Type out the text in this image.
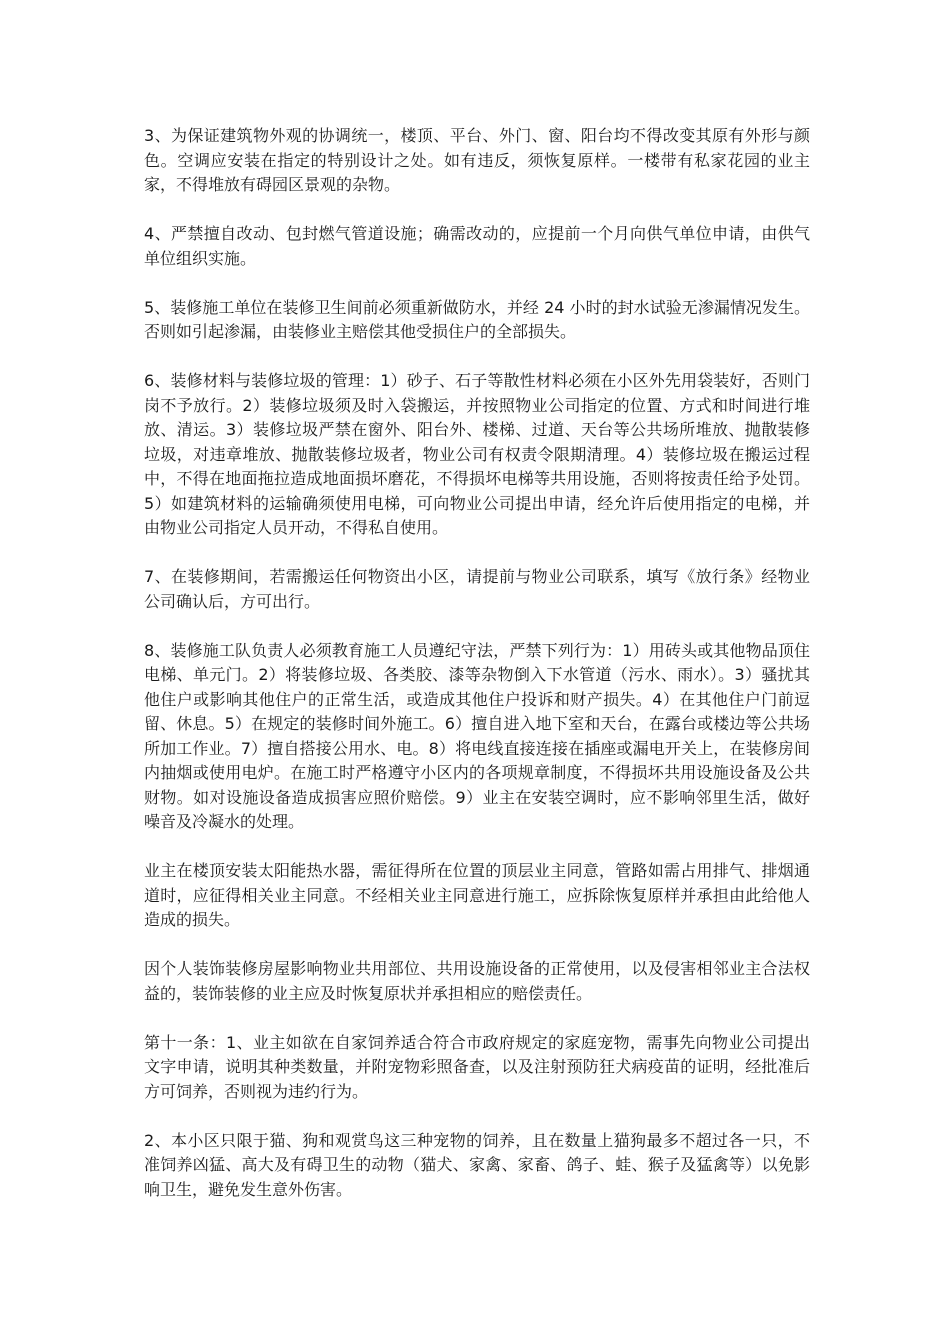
3、为保证建筑物外观的协调统一，楼顶、平台、外门、窗、阳台均不得改变其原有外形与颜色。空调应安装在指定的特别设计之处。如有违反，须恢复原样。一楼带有私家花园的业主家，不得堆放有碍园区景观的杂物。

4、严禁擅自改动、包封燃气管道设施；确需改动的，应提前一个月向供气单位申请，由供气单位组织实施。

5、装修施工单位在装修卫生间前必须重新做防水，并经 24 小时的封水试验无渗漏情况发生。否则如引起渗漏，由装修业主赔偿其他受损住户的全部损失。

6、装修材料与装修垃圾的管理：1）砂子、石子等散性材料必须在小区外先用袋装好，否则门岗不予放行。2）装修垃圾须及时入袋搬运，并按照物业公司指定的位置、方式和时间进行堆放、清运。3）装修垃圾严禁在窗外、阳台外、楼梯、过道、天台等公共场所堆放、抛散装修垃圾，对违章堆放、抛散装修垃圾者，物业公司有权责令限期清理。4）装修垃圾在搬运过程中，不得在地面拖拉造成地面损坏磨花，不得损坏电梯等共用设施，否则将按责任给予处罚。5）如建筑材料的运输确须使用电梯，可向物业公司提出申请，经允许后使用指定的电梯，并由物业公司指定人员开动，不得私自使用。

7、在装修期间，若需搬运任何物资出小区，请提前与物业公司联系，填写《放行条》经物业公司确认后，方可出行。

8、装修施工队负责人必须教育施工人员遵纪守法，严禁下列行为：1）用砖头或其他物品顶住电梯、单元门。2）将装修垃圾、各类胶、漆等杂物倒入下水管道（污水、雨水）。3）骚扰其他住户或影响其他住户的正常生活，或造成其他住户投诉和财产损失。4）在其他住户门前逗留、休息。5）在规定的装修时间外施工。6）擅自进入地下室和天台，在露台或楼边等公共场所加工作业。7）擅自搭接公用水、电。8）将电线直接连接在插座或漏电开关上，在装修房间内抽烟或使用电炉。在施工时严格遵守小区内的各项规章制度，不得损坏共用设施设备及公共财物。如对设施设备造成损害应照价赔偿。9）业主在安装空调时，应不影响邻里生活，做好噪音及冷凝水的处理。

业主在楼顶安装太阳能热水器，需征得所在位置的顶层业主同意，管路如需占用排气、排烟通道时，应征得相关业主同意。不经相关业主同意进行施工，应拆除恢复原样并承担由此给他人造成的损失。

因个人装饰装修房屋影响物业共用部位、共用设施设备的正常使用，以及侵害相邻业主合法权益的，装饰装修的业主应及时恢复原状并承担相应的赔偿责任。

第十一条：1、业主如欲在自家饲养适合符合市政府规定的家庭宠物，需事先向物业公司提出文字申请，说明其种类数量，并附宠物彩照备查，以及注射预防狂犬病疫苗的证明，经批准后方可饲养，否则视为违约行为。

2、本小区只限于猫、狗和观赏鸟这三种宠物的饲养，且在数量上猫狗最多不超过各一只，不准饲养凶猛、高大及有碍卫生的动物（猫犬、家禽、家畜、鸽子、蛙、猴子及猛禽等）以免影响卫生，避免发生意外伤害。
